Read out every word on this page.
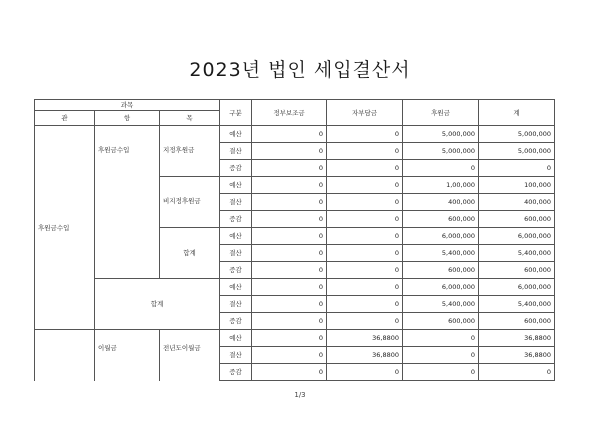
2023년 법인 세입결산서
과목			구분	정부보조금	자부담금	후원금	계
관	항	목					
후원금수입	후원금수입	지정후원금	예산	0	0	5,000,000	5,000,000
			결산	0	0	5,000,000	5,000,000
			증감	0	0	0	0
		비지정후원금	예산	0	0	1,00,000	100,000
			결산	0	0	400,000	400,000
			증감	0	0	600,000	600,000
		합계	예산	0	0	6,000,000	6,000,000
			결산	0	0	5,400,000	5,400,000
			증감	0	0	600,000	600,000
	합계		예산	0	0	6,000,000	6,000,000
			결산	0	0	5,400,000	5,400,000
			증감	0	0	600,000	600,000
	이월금	전년도이월금	예산	0	36,8800	0	36,8800
			결산	0	36,8800	0	36,8800
			증감	0	0	0	0
1/3
